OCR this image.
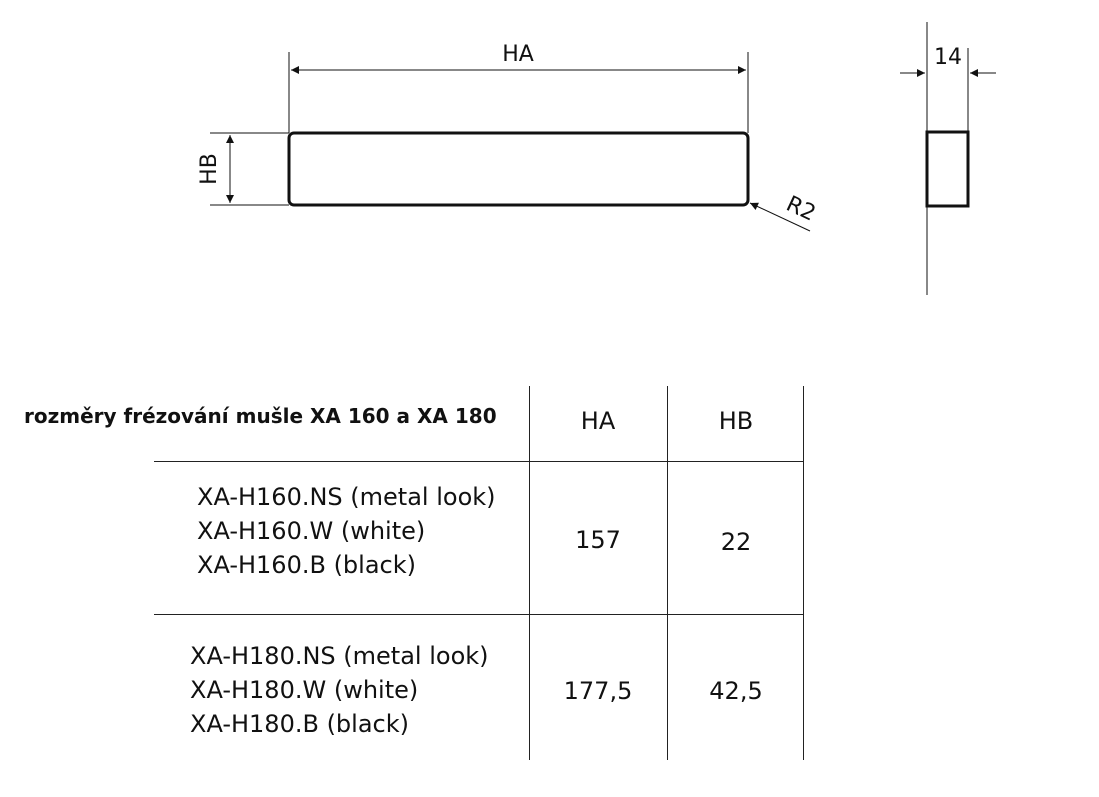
HA
HB
R2
14
rozměry frézování mušle XA 160 a XA 180	HA	HB
XA-H160.NS (metal look)
XA-H160.W (white)
XA-H160.B (black)
157	22
XA-H180.NS (metal look)
XA-H180.W (white)
XA-H180.B (black)
177,5	42,5
